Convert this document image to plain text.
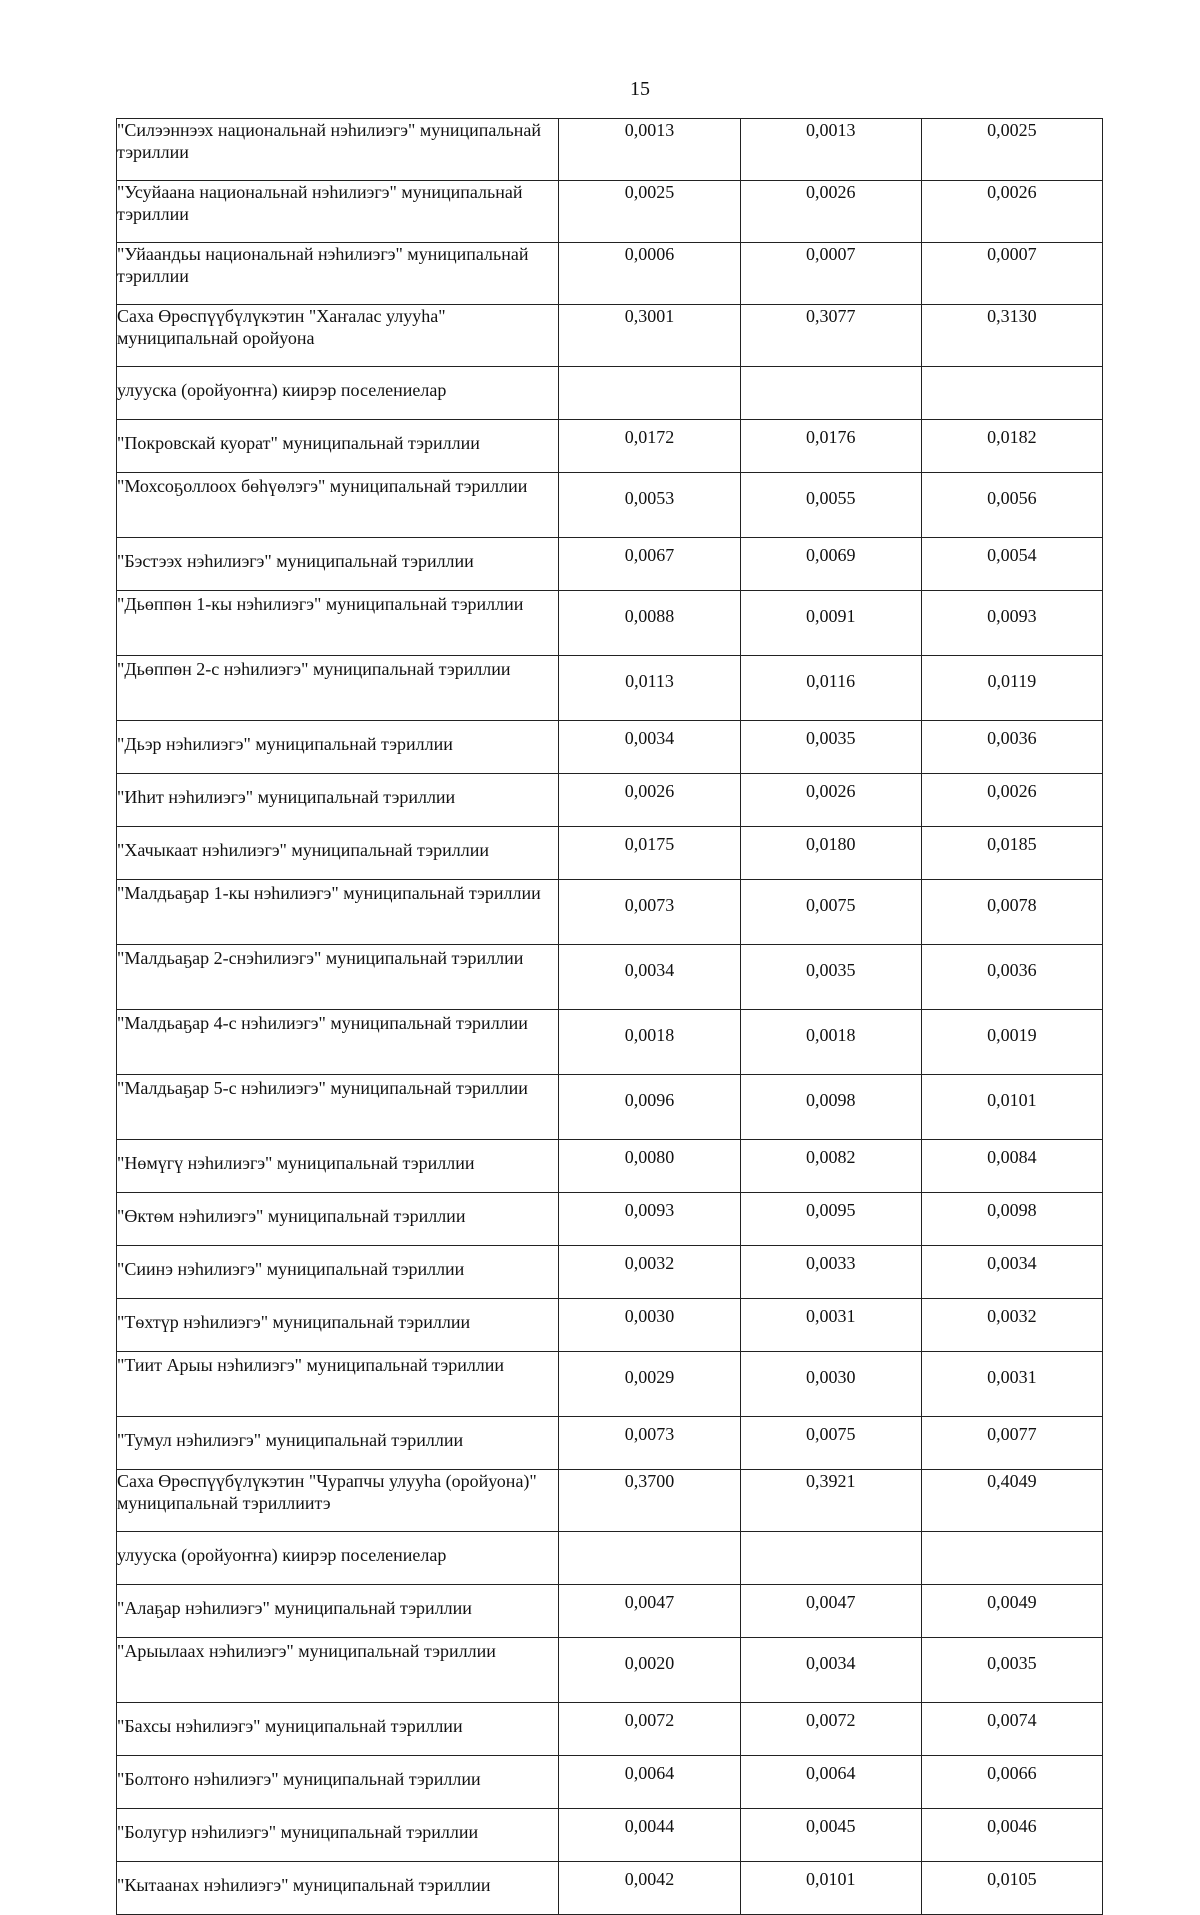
15
"Силээннээх национальнай нэhилиэгэ" муниципальнай тэриллии	0,0013	0,0013	0,0025
"Усуйаана национальнай нэhилиэгэ" муниципальнай тэриллии	0,0025	0,0026	0,0026
"Уйаандьы национальнай нэhилиэгэ" муниципальнай тэриллии	0,0006	0,0007	0,0007
Саха Өрөспүүбүлүкэтин "Хаҥалас улууhа" муниципальнай оройуона	0,3001	0,3077	0,3130
улууска (оройуоҥҥа) киирэр поселениелар			
"Покровскай куорат" муниципальнай тэриллии	0,0172	0,0176	0,0182
"Мохсоҕоллоох бөhүөлэгэ" муниципальнай тэриллии	0,0053	0,0055	0,0056
"Бэстээх нэhилиэгэ" муниципальнай тэриллии	0,0067	0,0069	0,0054
"Дьөппөн 1-кы нэhилиэгэ" муниципальнай тэриллии	0,0088	0,0091	0,0093
"Дьөппөн 2-с нэhилиэгэ" муниципальнай тэриллии	0,0113	0,0116	0,0119
"Дьэр нэhилиэгэ" муниципальнай тэриллии	0,0034	0,0035	0,0036
"Иhит нэhилиэгэ" муниципальнай тэриллии	0,0026	0,0026	0,0026
"Хачыкаат нэhилиэгэ" муниципальнай тэриллии	0,0175	0,0180	0,0185
"Малдьаҕар 1-кы нэhилиэгэ" муниципальнай тэриллии	0,0073	0,0075	0,0078
"Малдьаҕар 2-снэhилиэгэ" муниципальнай тэриллии	0,0034	0,0035	0,0036
"Малдьаҕар 4-с нэhилиэгэ" муниципальнай тэриллии	0,0018	0,0018	0,0019
"Малдьаҕар 5-с нэhилиэгэ" муниципальнай тэриллии	0,0096	0,0098	0,0101
"Нөмүгү нэhилиэгэ" муниципальнай тэриллии	0,0080	0,0082	0,0084
"Өктөм нэhилиэгэ" муниципальнай тэриллии	0,0093	0,0095	0,0098
"Сиинэ нэhилиэгэ" муниципальнай тэриллии	0,0032	0,0033	0,0034
"Тѳхтүр нэhилиэгэ" муниципальнай тэриллии	0,0030	0,0031	0,0032
"Тиит Арыы нэhилиэгэ" муниципальнай тэриллии	0,0029	0,0030	0,0031
"Тумул нэhилиэгэ" муниципальнай тэриллии	0,0073	0,0075	0,0077
Саха Өрөспүүбүлүкэтин "Чурапчы улууhа (оройуона)" муниципальнай тэриллиитэ	0,3700	0,3921	0,4049
улууска (оройуоҥҥа) киирэр поселениелар			
"Алаҕар нэhилиэгэ" муниципальнай тэриллии	0,0047	0,0047	0,0049
"Арыылаах нэhилиэгэ" муниципальнай тэриллии	0,0020	0,0034	0,0035
"Бахсы нэhилиэгэ" муниципальнай тэриллии	0,0072	0,0072	0,0074
"Болтоҥо нэhилиэгэ" муниципальнай тэриллии	0,0064	0,0064	0,0066
"Болугур нэhилиэгэ" муниципальнай тэриллии	0,0044	0,0045	0,0046
"Кытаанах нэhилиэгэ" муниципальнай тэриллии	0,0042	0,0101	0,0105
